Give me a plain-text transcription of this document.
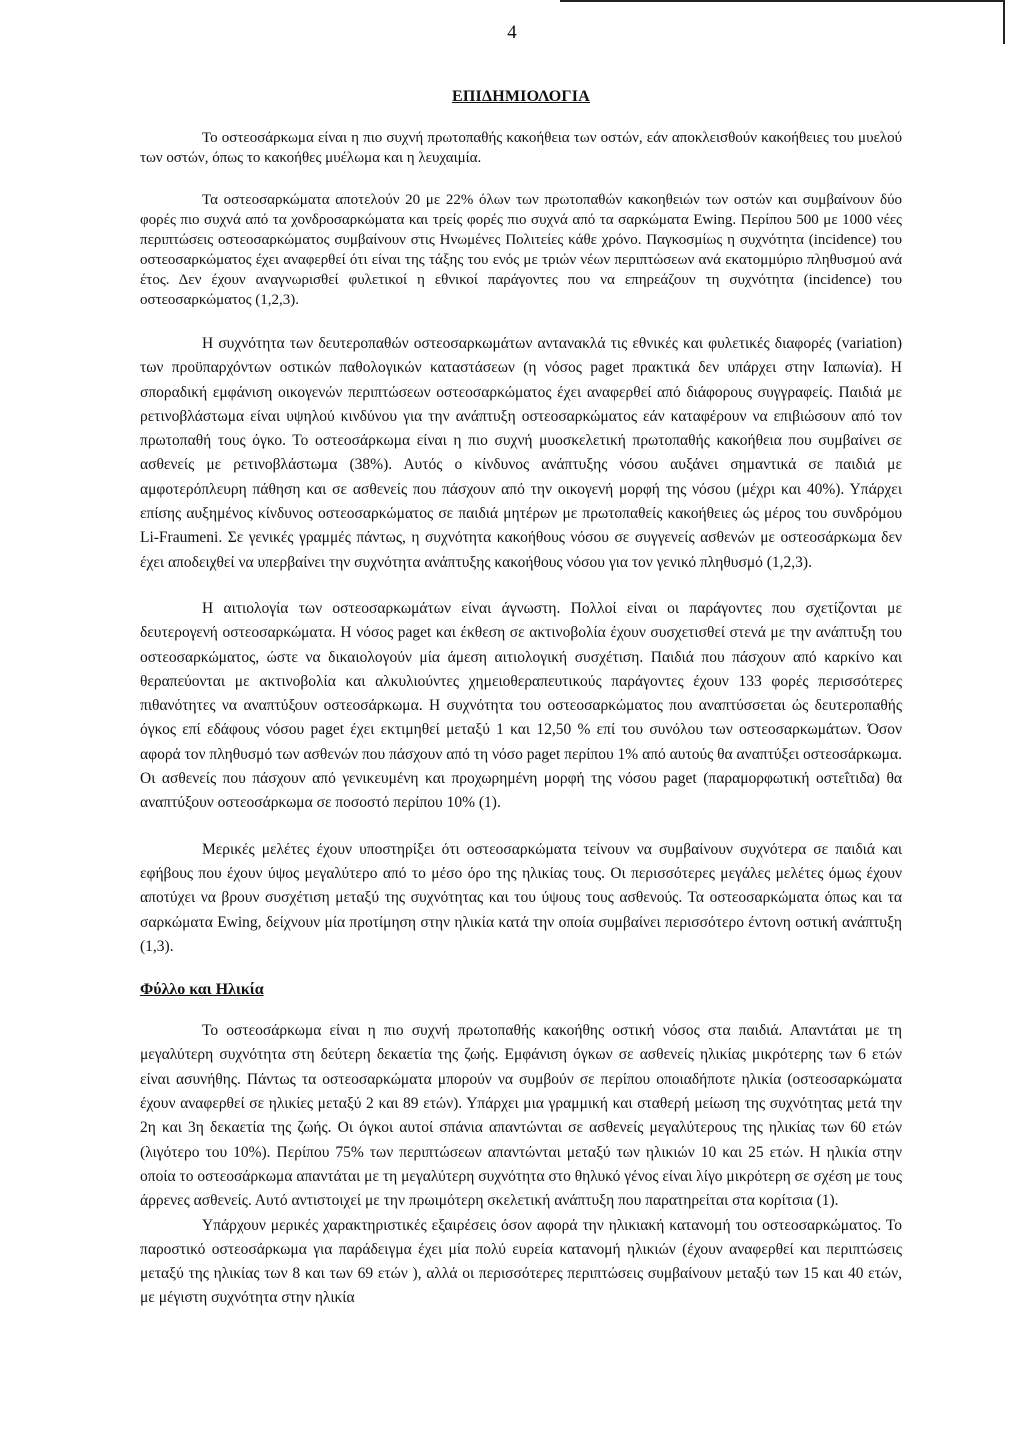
4
ΕΠΙΔΗΜΙΟΛΟΓΙΑ

Το οστεοσάρκωμα είναι η πιο συχνή πρωτοπαθής κακοήθεια των οστών, εάν αποκλεισθούν κακοήθειες του μυελού των οστών, όπως το κακοήθες μυέλωμα και η λευχαιμία.

Τα οστεοσαρκώματα αποτελούν 20 με 22% όλων των πρωτοπαθών κακοηθειών των οστών και συμβαίνουν δύο φορές πιο συχνά από τα χονδροσαρκώματα και τρείς φορές πιο συχνά από τα σαρκώματα Ewing. Περίπου 500 με 1000 νέες περιπτώσεις οστεοσαρκώματος συμβαίνουν στις Ηνωμένες Πολιτείες κάθε χρόνο. Παγκοσμίως η συχνότητα (incidence) του οστεοσαρκώματος έχει αναφερθεί ότι είναι της τάξης του ενός με τριών νέων περιπτώσεων ανά εκατομμύριο πληθυσμού ανά έτος. Δεν έχουν αναγνωρισθεί φυλετικοί η εθνικοί παράγοντες που να επηρεάζουν τη συχνότητα (incidence) του οστεοσαρκώματος (1,2,3).

Η συχνότητα των δευτεροπαθών οστεοσαρκωμάτων αντανακλά τις εθνικές και φυλετικές διαφορές (variation) των προϋπαρχόντων οστικών παθολογικών καταστάσεων (η νόσος paget πρακτικά δεν υπάρχει στην Ιαπωνία). Η σποραδική εμφάνιση οικογενών περιπτώσεων οστεοσαρκώματος έχει αναφερθεί από διάφορους συγγραφείς. Παιδιά με ρετινοβλάστωμα είναι υψηλού κινδύνου για την ανάπτυξη οστεοσαρκώματος εάν καταφέρουν να επιβιώσουν από τον πρωτοπαθή τους όγκο. Το οστεοσάρκωμα είναι η πιο συχνή μυοσκελετική πρωτοπαθής κακοήθεια που συμβαίνει σε ασθενείς με ρετινοβλάστωμα (38%). Αυτός ο κίνδυνος ανάπτυξης νόσου αυξάνει σημαντικά σε παιδιά με αμφοτερόπλευρη πάθηση και σε ασθενείς που πάσχουν από την οικογενή μορφή της νόσου (μέχρι και 40%). Υπάρχει επίσης αυξημένος κίνδυνος οστεοσαρκώματος σε παιδιά μητέρων με πρωτοπαθείς κακοήθειες ώς μέρος του συνδρόμου Li-Fraumeni. Σε γενικές γραμμές πάντως, η συχνότητα κακοήθους νόσου σε συγγενείς ασθενών με οστεοσάρκωμα δεν έχει αποδειχθεί να υπερβαίνει την συχνότητα ανάπτυξης κακοήθους νόσου για τον γενικό πληθυσμό (1,2,3).

Η αιτιολογία των οστεοσαρκωμάτων είναι άγνωστη. Πολλοί είναι οι παράγοντες που σχετίζονται με δευτερογενή οστεοσαρκώματα. Η νόσος paget και έκθεση σε ακτινοβολία έχουν συσχετισθεί στενά με την ανάπτυξη του οστεοσαρκώματος, ώστε να δικαιολογούν μία άμεση αιτιολογική συσχέτιση. Παιδιά που πάσχουν από καρκίνο και θεραπεύονται με ακτινοβολία και αλκυλιούντες χημειοθεραπευτικούς παράγοντες έχουν 133 φορές περισσότερες πιθανότητες να αναπτύξουν οστεοσάρκωμα. Η συχνότητα του οστεοσαρκώματος που αναπτύσσεται ώς δευτεροπαθής όγκος επί εδάφους νόσου paget έχει εκτιμηθεί μεταξύ 1 και 12,50 % επί του συνόλου των οστεοσαρκωμάτων. Όσον αφορά τον πληθυσμό των ασθενών που πάσχουν από τη νόσο paget περίπου 1% από αυτούς θα αναπτύξει οστεοσάρκωμα. Οι ασθενείς που πάσχουν από γενικευμένη και προχωρημένη μορφή της νόσου paget (παραμορφωτική οστεΐτιδα) θα αναπτύξουν οστεοσάρκωμα σε ποσοστό περίπου 10% (1).

Μερικές μελέτες έχουν υποστηρίξει ότι οστεοσαρκώματα τείνουν να συμβαίνουν συχνότερα σε παιδιά και εφήβους που έχουν ύψος μεγαλύτερο από το μέσο όρο της ηλικίας τους. Οι περισσότερες μεγάλες μελέτες όμως έχουν αποτύχει να βρουν συσχέτιση μεταξύ της συχνότητας και του ύψους τους ασθενούς. Τα οστεοσαρκώματα όπως και τα σαρκώματα Ewing, δείχνουν μία προτίμηση στην ηλικία κατά την οποία συμβαίνει περισσότερο έντονη οστική ανάπτυξη (1,3).

Φύλλο και Ηλικία

Το οστεοσάρκωμα είναι η πιο συχνή πρωτοπαθής κακοήθης οστική νόσος στα παιδιά. Απαντάται με τη μεγαλύτερη συχνότητα στη δεύτερη δεκαετία της ζωής. Εμφάνιση όγκων σε ασθενείς ηλικίας μικρότερης των 6 ετών είναι ασυνήθης. Πάντως τα οστεοσαρκώματα μπορούν να συμβούν σε περίπου οποιαδήποτε ηλικία (οστεοσαρκώματα έχουν αναφερθεί σε ηλικίες μεταξύ 2 και 89 ετών). Υπάρχει μια γραμμική και σταθερή μείωση της συχνότητας μετά την 2η και 3η δεκαετία της ζωής. Οι όγκοι αυτοί σπάνια απαντώνται σε ασθενείς μεγαλύτερους της ηλικίας των 60 ετών (λιγότερο του 10%). Περίπου 75% των περιπτώσεων απαντώνται μεταξύ των ηλικιών 10 και 25 ετών. Η ηλικία στην οποία το οστεοσάρκωμα απαντάται με τη μεγαλύτερη συχνότητα στο θηλυκό γένος είναι λίγο μικρότερη σε σχέση με τους άρρενες ασθενείς. Αυτό αντιστοιχεί με την πρωιμότερη σκελετική ανάπτυξη που παρατηρείται στα κορίτσια (1).

Υπάρχουν μερικές χαρακτηριστικές εξαιρέσεις όσον αφορά την ηλικιακή κατανομή του οστεοσαρκώματος. Το παροστικό οστεοσάρκωμα για παράδειγμα έχει μία πολύ ευρεία κατανομή ηλικιών (έχουν αναφερθεί και περιπτώσεις μεταξύ της ηλικίας των 8 και των 69 ετών ), αλλά οι περισσότερες περιπτώσεις συμβαίνουν μεταξύ των 15 και 40 ετών, με μέγιστη συχνότητα στην ηλικία
